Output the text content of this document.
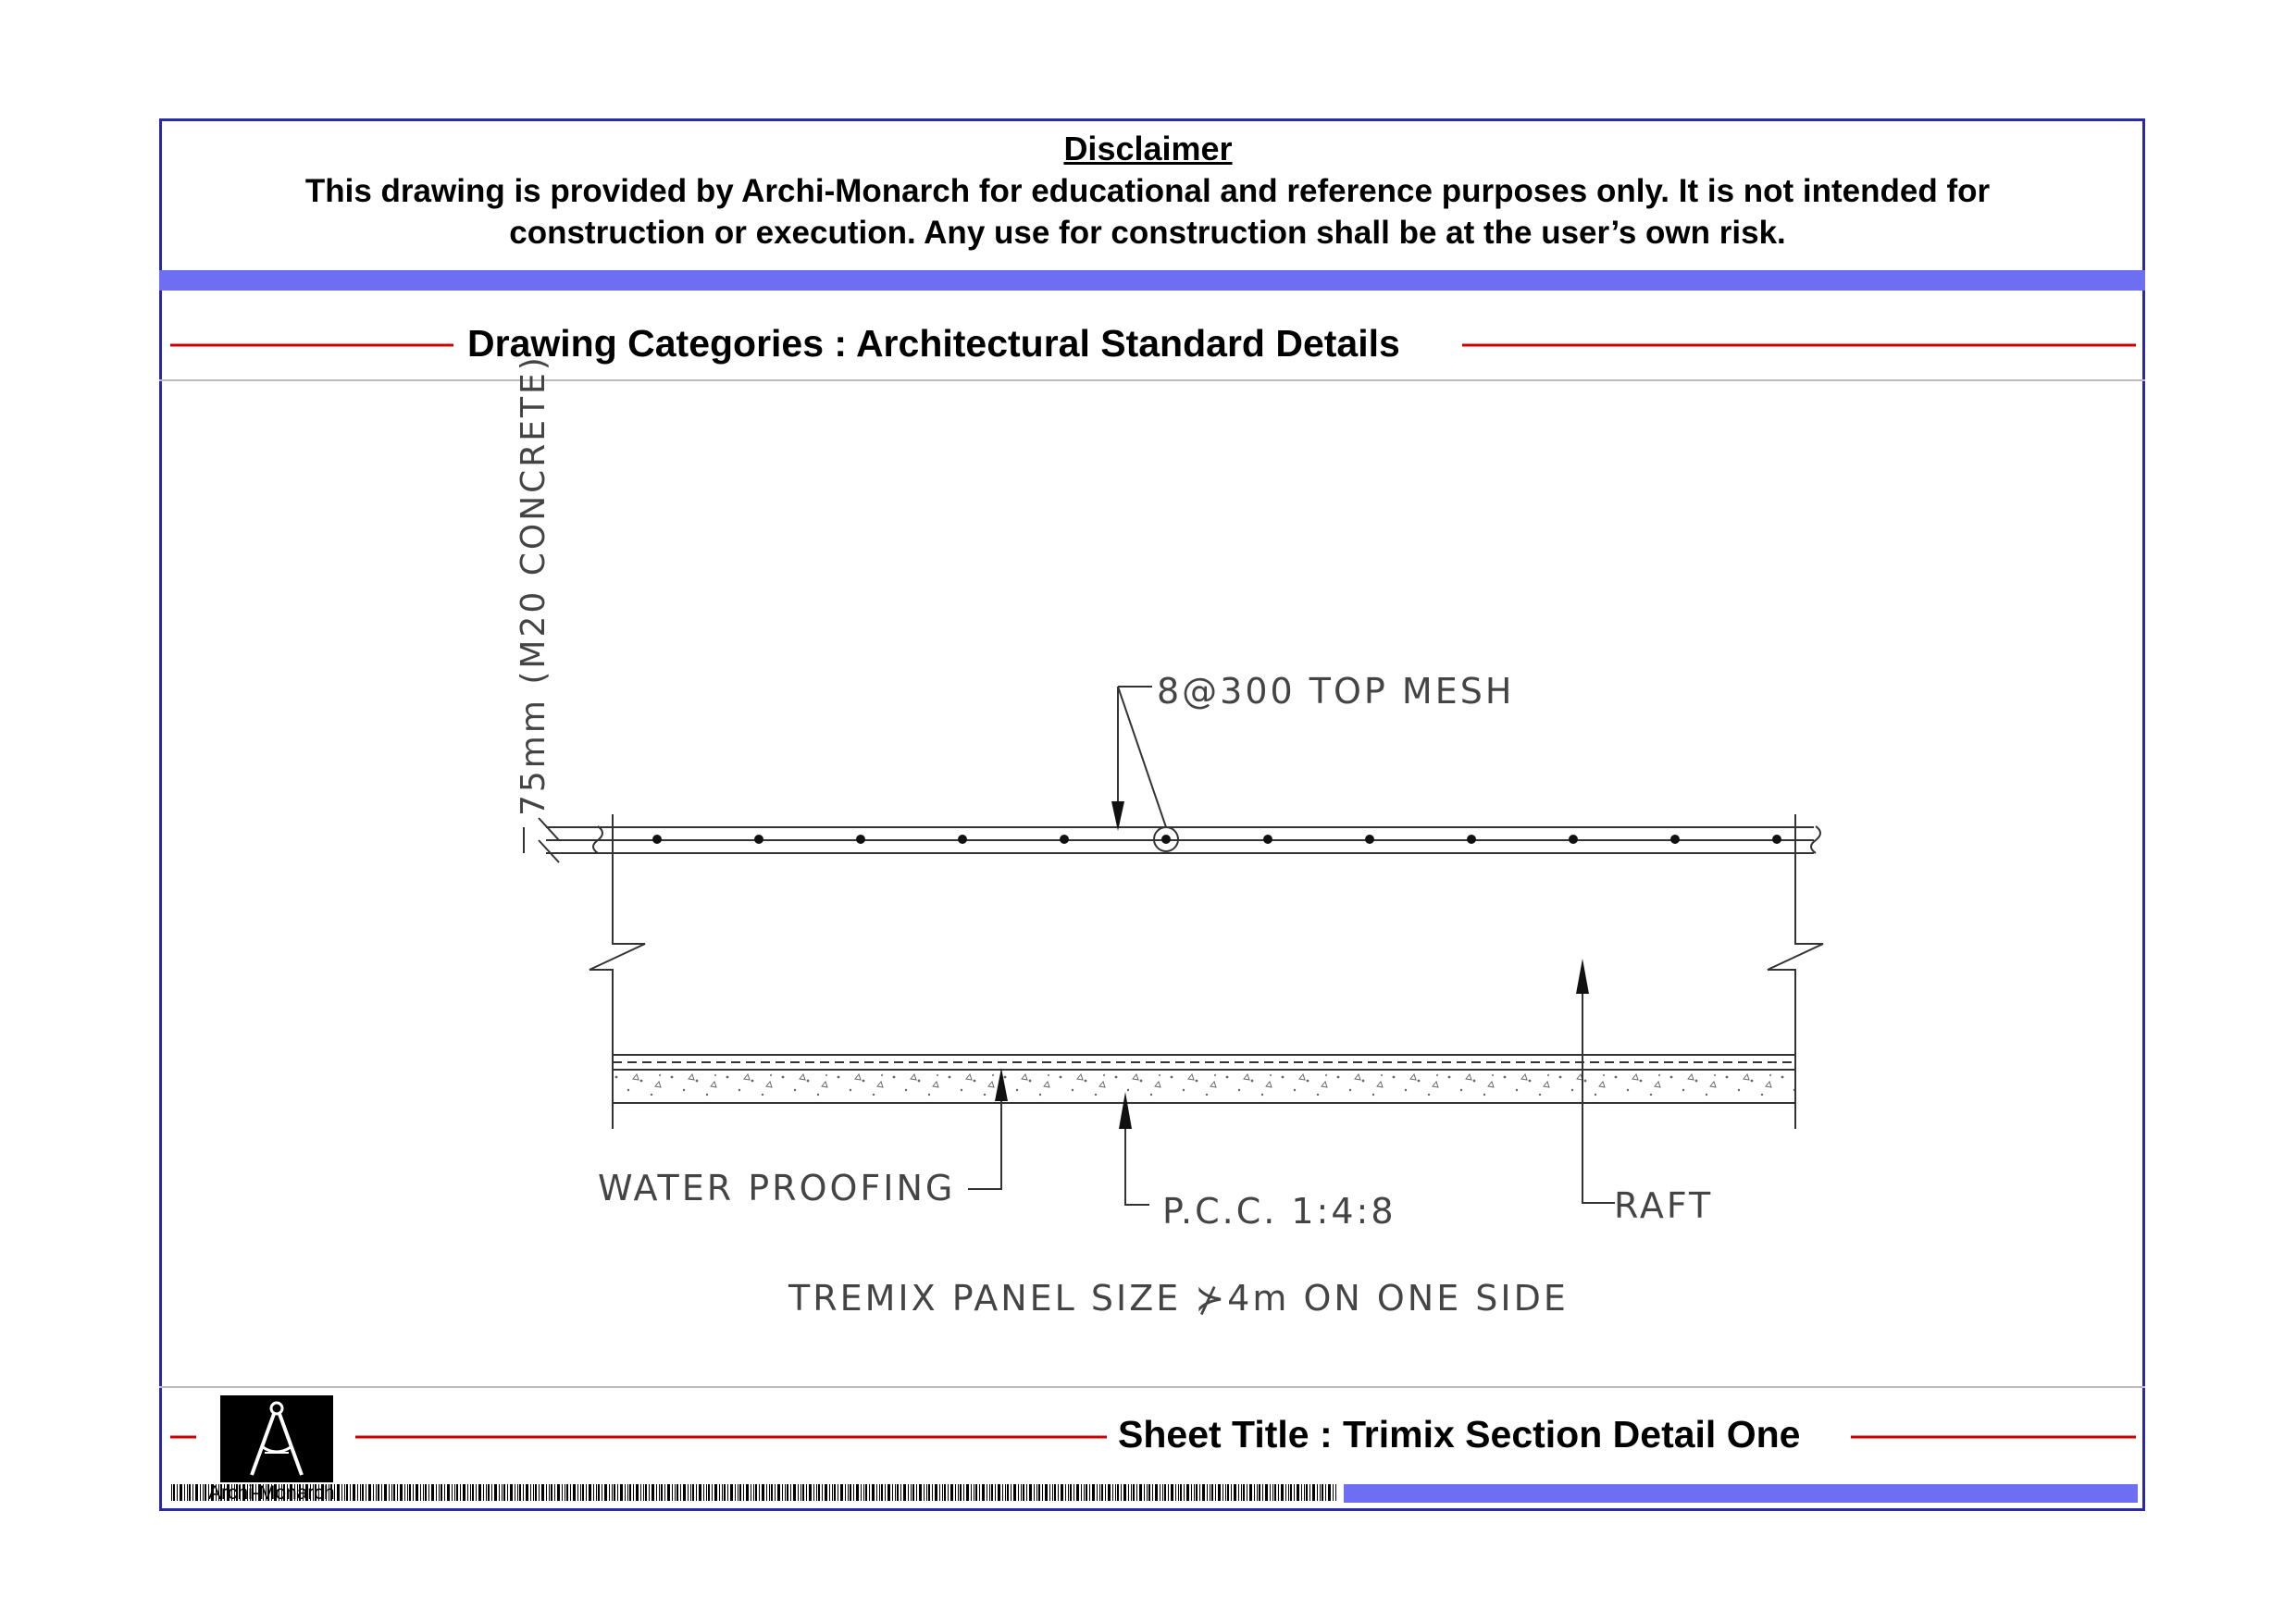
Disclaimer
This drawing is provided by Archi-Monarch for educational and reference purposes only. It is not intended for construction or execution. Any use for construction shall be at the user’s own risk.
Drawing Categories : Architectural Standard Details
Sheet Title : Trimix Section Detail One
75mm (M20 CONCRETE)	8@300 TOP MESH
WATER PROOFING
P.C.C. 1:4:8	RAFT
TREMIX PANEL SIZE ⊁4m ON ONE SIDE
